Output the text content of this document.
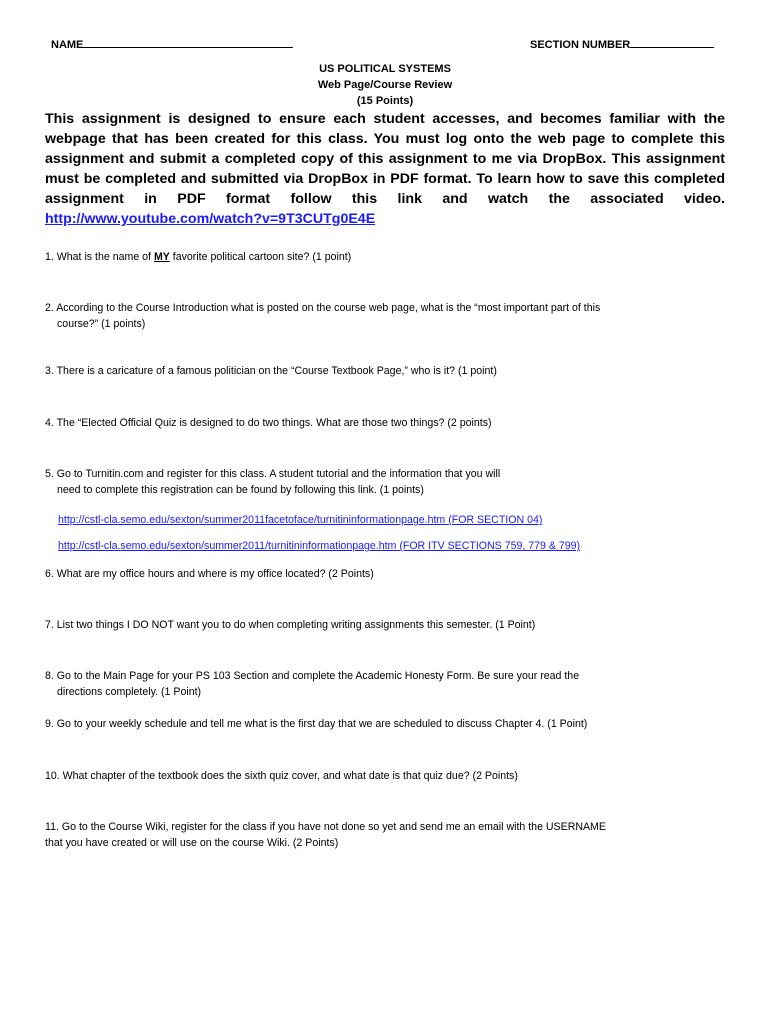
NAME	SECTION NUMBER
US POLITICAL SYSTEMS
Web Page/Course Review
(15 Points)
This assignment is designed to ensure each student accesses, and becomes familiar with the webpage that has been created for this class. You must log onto the web page to complete this assignment and submit a completed copy of this assignment to me via DropBox. This assignment must be completed and submitted via DropBox in PDF format. To learn how to save this completed assignment in PDF format follow this link and watch the associated video. http://www.youtube.com/watch?v=9T3CUTg0E4E
1. What is the name of MY favorite political cartoon site? (1 point)
2. According to the Course Introduction what is posted on the course web page, what is the “most important part of this
course?” (1 points)
3. There is a caricature of a famous politician on the “Course Textbook Page,” who is it? (1 point)
4. The “Elected Official Quiz is designed to do two things. What are those two things? (2 points)
5. Go to Turnitin.com and register for this class. A student tutorial and the information that you will
need to complete this registration can be found by following this link. (1 points)
http://cstl-cla.semo.edu/sexton/summer2011facetoface/turnitininformationpage.htm (FOR SECTION 04)
http://cstl-cla.semo.edu/sexton/summer2011/turnitininformationpage.htm (FOR ITV SECTIONS 759, 779 & 799)
6. What are my office hours and where is my office located? (2 Points)
7. List two things I DO NOT want you to do when completing writing assignments this semester. (1 Point)
8. Go to the Main Page for your PS 103 Section and complete the Academic Honesty Form. Be sure your read the
directions completely. (1 Point)
9. Go to your weekly schedule and tell me what is the first day that we are scheduled to discuss Chapter 4. (1 Point)
10. What chapter of the textbook does the sixth quiz cover, and what date is that quiz due? (2 Points)
11. Go to the Course Wiki, register for the class if you have not done so yet and send me an email with the USERNAME
that you have created or will use on the course Wiki. (2 Points)
